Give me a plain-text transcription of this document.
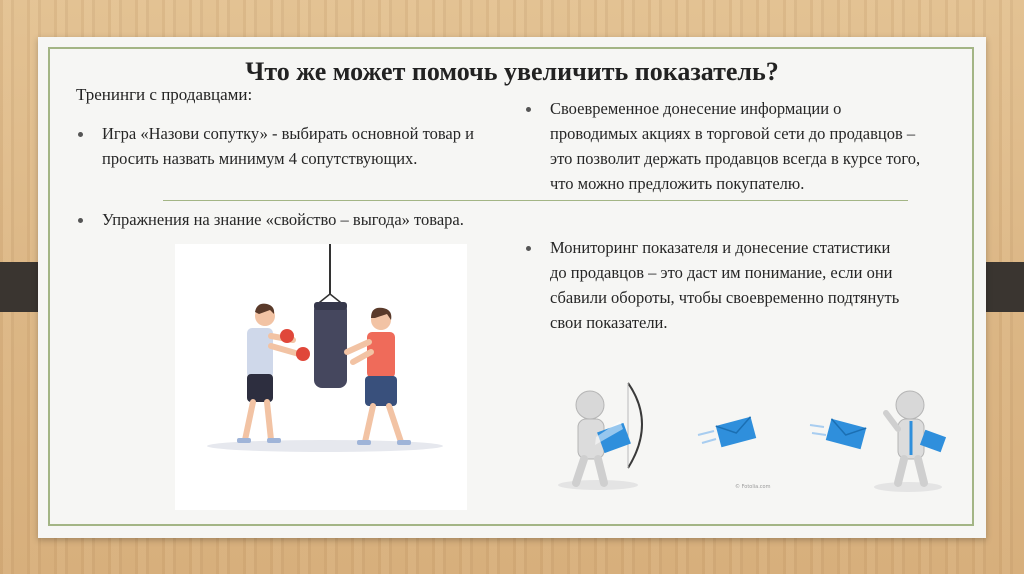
Что же может помочь увеличить показатель?
Тренинги с продавцами:
Игра «Назови сопутку» - выбирать основной товар и просить назвать минимум 4 сопутствующих.
Упражнения на знание «свойство – выгода» товара.
Своевременное донесение информации о проводимых акциях в торговой сети до продавцов – это позволит держать продавцов всегда в курсе того, что можно предложить покупателю.
Мониторинг показателя и донесение статистики до продавцов – это даст им понимание, если они сбавили обороты, чтобы своевременно подтянуть свои показатели.
© Fotolia.com
